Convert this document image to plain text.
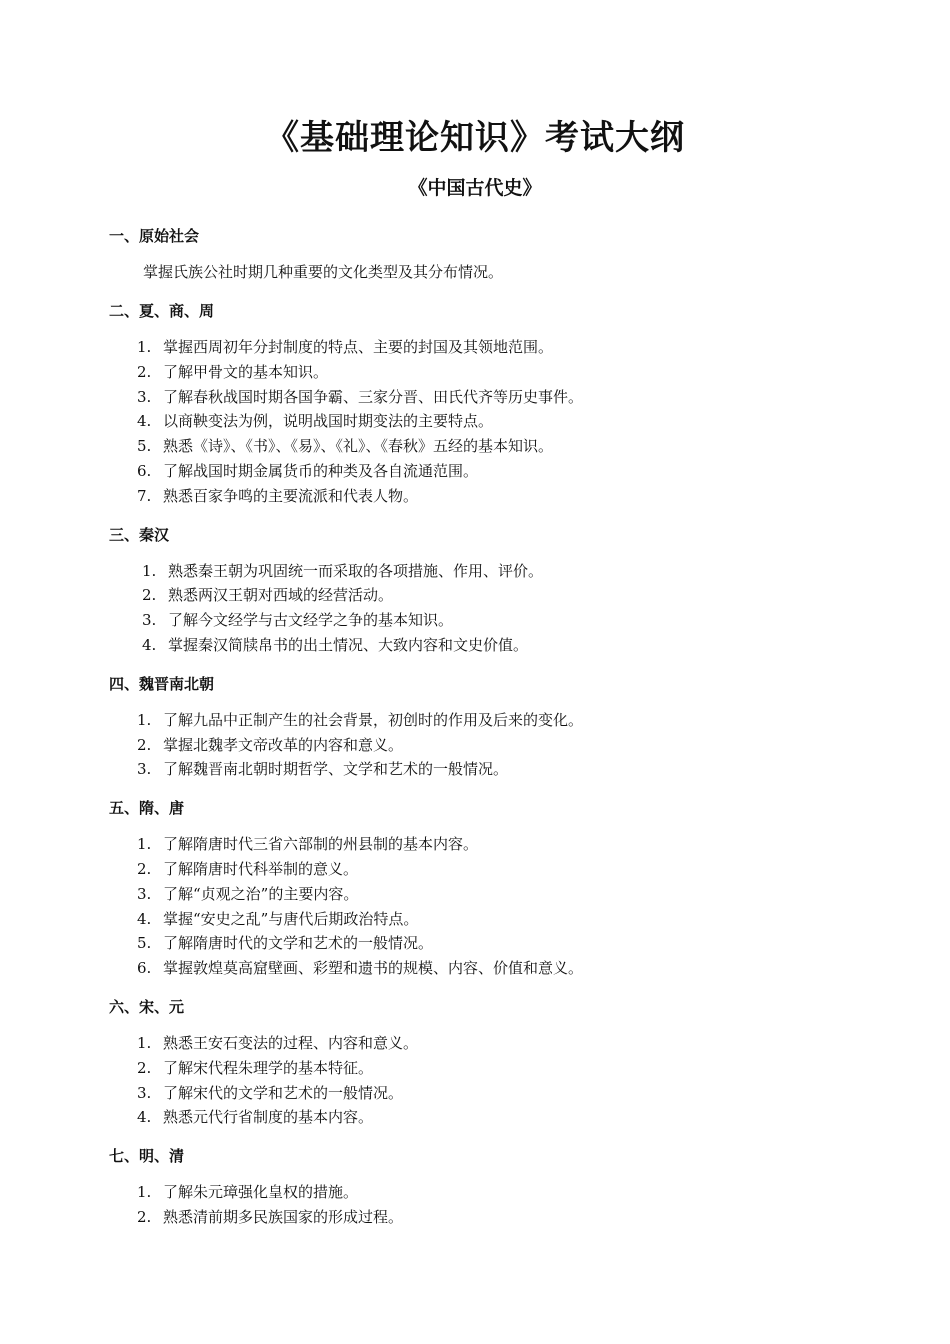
《基础理论知识》考试大纲
《中国古代史》
一、原始社会
掌握氏族公社时期几种重要的文化类型及其分布情况。
二、夏、商、周
1. 掌握西周初年分封制度的特点、主要的封国及其领地范围。
2. 了解甲骨文的基本知识。
3. 了解春秋战国时期各国争霸、三家分晋、田氏代齐等历史事件。
4. 以商鞅变法为例，说明战国时期变法的主要特点。
5. 熟悉《诗》、《书》、《易》、《礼》、《春秋》五经的基本知识。
6. 了解战国时期金属货币的种类及各自流通范围。
7. 熟悉百家争鸣的主要流派和代表人物。
三、秦汉
1. 熟悉秦王朝为巩固统一而采取的各项措施、作用、评价。
2. 熟悉两汉王朝对西域的经营活动。
3. 了解今文经学与古文经学之争的基本知识。
4. 掌握秦汉简牍帛书的出土情况、大致内容和文史价值。
四、魏晋南北朝
1. 了解九品中正制产生的社会背景，初创时的作用及后来的变化。
2. 掌握北魏孝文帝改革的内容和意义。
3. 了解魏晋南北朝时期哲学、文学和艺术的一般情况。
五、隋、唐
1. 了解隋唐时代三省六部制的州县制的基本内容。
2. 了解隋唐时代科举制的意义。
3. 了解“贞观之治”的主要内容。
4. 掌握“安史之乱”与唐代后期政治特点。
5. 了解隋唐时代的文学和艺术的一般情况。
6. 掌握敦煌莫高窟壁画、彩塑和遗书的规模、内容、价值和意义。
六、宋、元
1. 熟悉王安石变法的过程、内容和意义。
2. 了解宋代程朱理学的基本特征。
3. 了解宋代的文学和艺术的一般情况。
4. 熟悉元代行省制度的基本内容。
七、明、清
1. 了解朱元璋强化皇权的措施。
2. 熟悉清前期多民族国家的形成过程。
